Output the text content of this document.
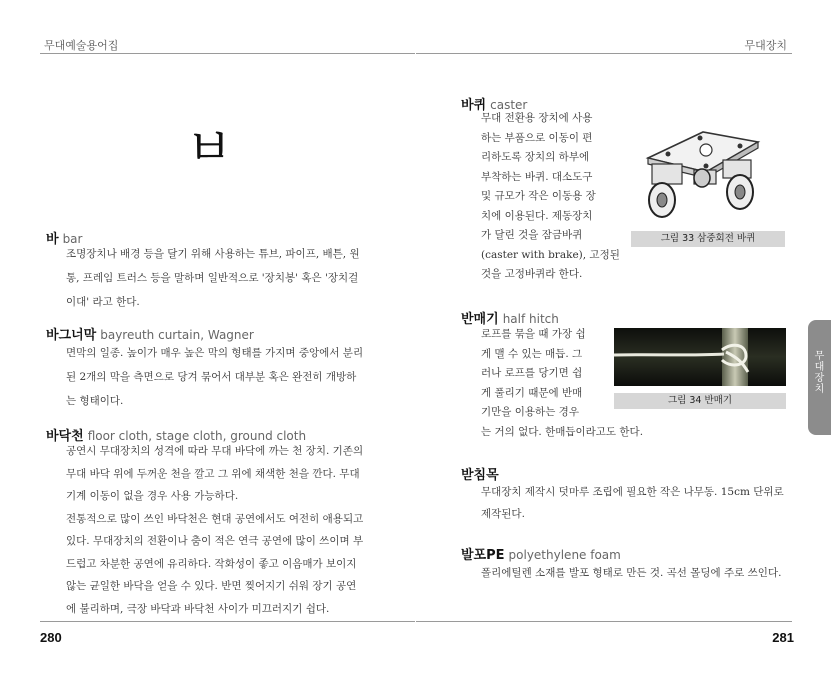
무대예술용어집	무대장치
ㅂ
바 bar

조명장치나 배경 등을 달기 위해 사용하는 튜브, 파이프, 배튼, 원

통, 프레임 트러스 등을 말하며 일반적으로 '장치봉' 혹은 '장치걸

이대' 라고 한다.

바그너막 bayreuth curtain, Wagner

면막의 일종. 높이가 매우 높은 막의 형태를 가지며 중앙에서 분리

된 2개의 막을 측면으로 당겨 묶어서 대부분 혹은 완전히 개방하

는 형태이다.

바닥천 floor cloth, stage cloth, ground cloth

공연시 무대장치의 성격에 따라 무대 바닥에 까는 천 장치. 기존의

무대 바닥 위에 두꺼운 천을 깔고 그 위에 채색한 천을 깐다. 무대

기계 이동이 없을 경우 사용 가능하다.

전통적으로 많이 쓰인 바닥천은 현대 공연에서도 여전히 애용되고

있다. 무대장치의 전환이나 춤이 적은 연극 공연에 많이 쓰이며 부

드럽고 차분한 공연에 유리하다. 작화성이 좋고 이음매가 보이지

않는 균일한 바닥을 얻을 수 있다. 반면 찢어지기 쉬워 장기 공연

에 불리하며, 극장 바닥과 바닥천 사이가 미끄러지기 쉽다.

바퀴 caster

무대 전환용 장치에 사용

하는 부품으로 이동이 편

리하도록 장치의 하부에

부착하는 바퀴. 대소도구

및 규모가 작은 이동용 장

치에 이용된다. 제동장치

가 달린 것을 잠금바퀴

(caster with brake), 고정된

것을 고정바퀴라 한다.

그림 33 삼중회전 바퀴
반매기 half hitch

로프를 묶을 때 가장 쉽

게 맬 수 있는 매듭. 그

러나 로프를 당기면 쉽

게 풀리기 때문에 반매

기만을 이용하는 경우

는 거의 없다. 한매듭이라고도 한다.

그림 34 반매기
받침목

무대장치 제작시 덧마루 조립에 필요한 작은 나무동. 15cm 단위로

제작된다.

발포PE polyethylene foam

폴리에틸렌 소재를 발포 형태로 만든 것. 곡선 몰딩에 주로 쓰인다.

무대장치
280	281
